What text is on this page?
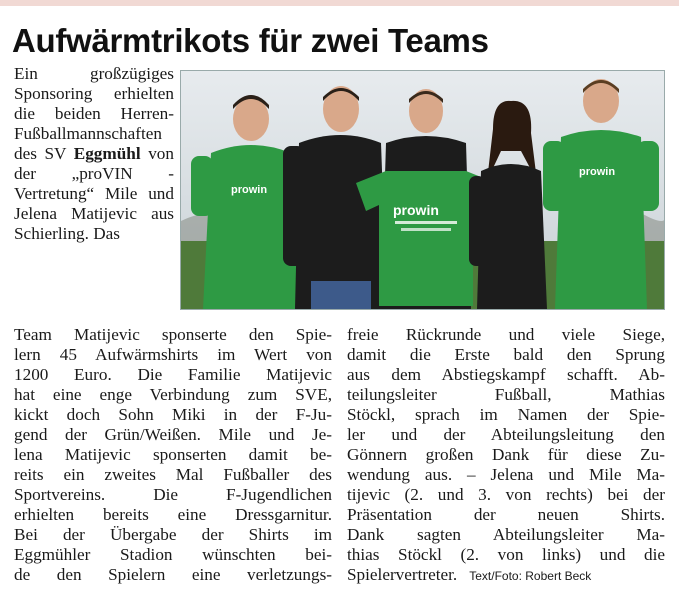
Aufwärmtrikots für zwei Teams

Ein großzügiges Sponsoring erhielten die beiden Herren-Fußballmannschaften des SV Eggmühl von der „proVIN -Vertretung“ Mile und Jelena Matijevic aus Schierling. Das

prowin
prowin
prowin
Team Matijevic sponserte den Spie-
lern 45 Aufwärmshirts im Wert von
1200 Euro. Die Familie Matijevic
hat eine enge Verbindung zum SVE,
kickt doch Sohn Miki in der F-Ju-
gend der Grün/Weißen. Mile und Je-
lena Matijevic sponserten damit be-
reits ein zweites Mal Fußballer des
Sportvereins. Die F-Jugendlichen
erhielten bereits eine Dressgarnitur.
Bei der Übergabe der Shirts im
Eggmühler Stadion wünschten bei-
de den Spielern eine verletzungs-
freie Rückrunde und viele Siege,
damit die Erste bald den Sprung
aus dem Abstiegskampf schafft. Ab-
teilungsleiter Fußball, Mathias
Stöckl, sprach im Namen der Spie-
ler und der Abteilungsleitung den
Gönnern großen Dank für diese Zu-
wendung aus. – Jelena und Mile Ma-
tijevic (2. und 3. von rechts) bei der
Präsentation der neuen Shirts.
Dank sagten Abteilungsleiter Ma-
thias Stöckl (2. von links) und die
Spielervertreter. Text/Foto: Robert Beck
